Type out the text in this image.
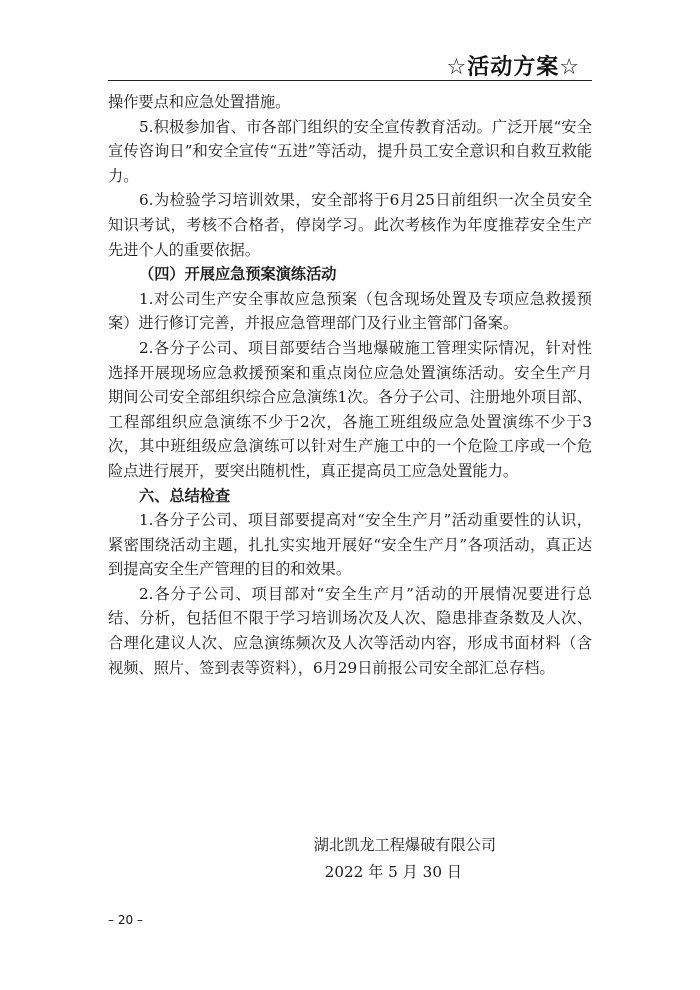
☆活动方案☆

操作要点和应急处置措施。

5.积极参加省、市各部门组织的安全宣传教育活动。广泛开展“安全宣传咨询日”和安全宣传“五进”等活动，提升员工安全意识和自救互救能力。

6.为检验学习培训效果，安全部将于6月25日前组织一次全员安全知识考试，考核不合格者，停岗学习。此次考核作为年度推荐安全生产先进个人的重要依据。

（四）开展应急预案演练活动

1.对公司生产安全事故应急预案（包含现场处置及专项应急救援预案）进行修订完善，并报应急管理部门及行业主管部门备案。

2.各分子公司、项目部要结合当地爆破施工管理实际情况，针对性选择开展现场应急救援预案和重点岗位应急处置演练活动。安全生产月期间公司安全部组织综合应急演练1次。各分子公司、注册地外项目部、工程部组织应急演练不少于2次，各施工班组级应急处置演练不少于3次，其中班组级应急演练可以针对生产施工中的一个危险工序或一个危险点进行展开，要突出随机性，真正提高员工应急处置能力。

六、总结检查

1.各分子公司、项目部要提高对“安全生产月”活动重要性的认识，紧密围绕活动主题，扎扎实实地开展好“安全生产月”各项活动，真正达到提高安全生产管理的目的和效果。

2.各分子公司、项目部对“安全生产月”活动的开展情况要进行总结、分析，包括但不限于学习培训场次及人次、隐患排查条数及人次、合理化建议人次、应急演练频次及人次等活动内容，形成书面材料（含视频、照片、签到表等资料），6月29日前报公司安全部汇总存档。

湖北凯龙工程爆破有限公司
2022 年 5 月 30 日
– 20 –
